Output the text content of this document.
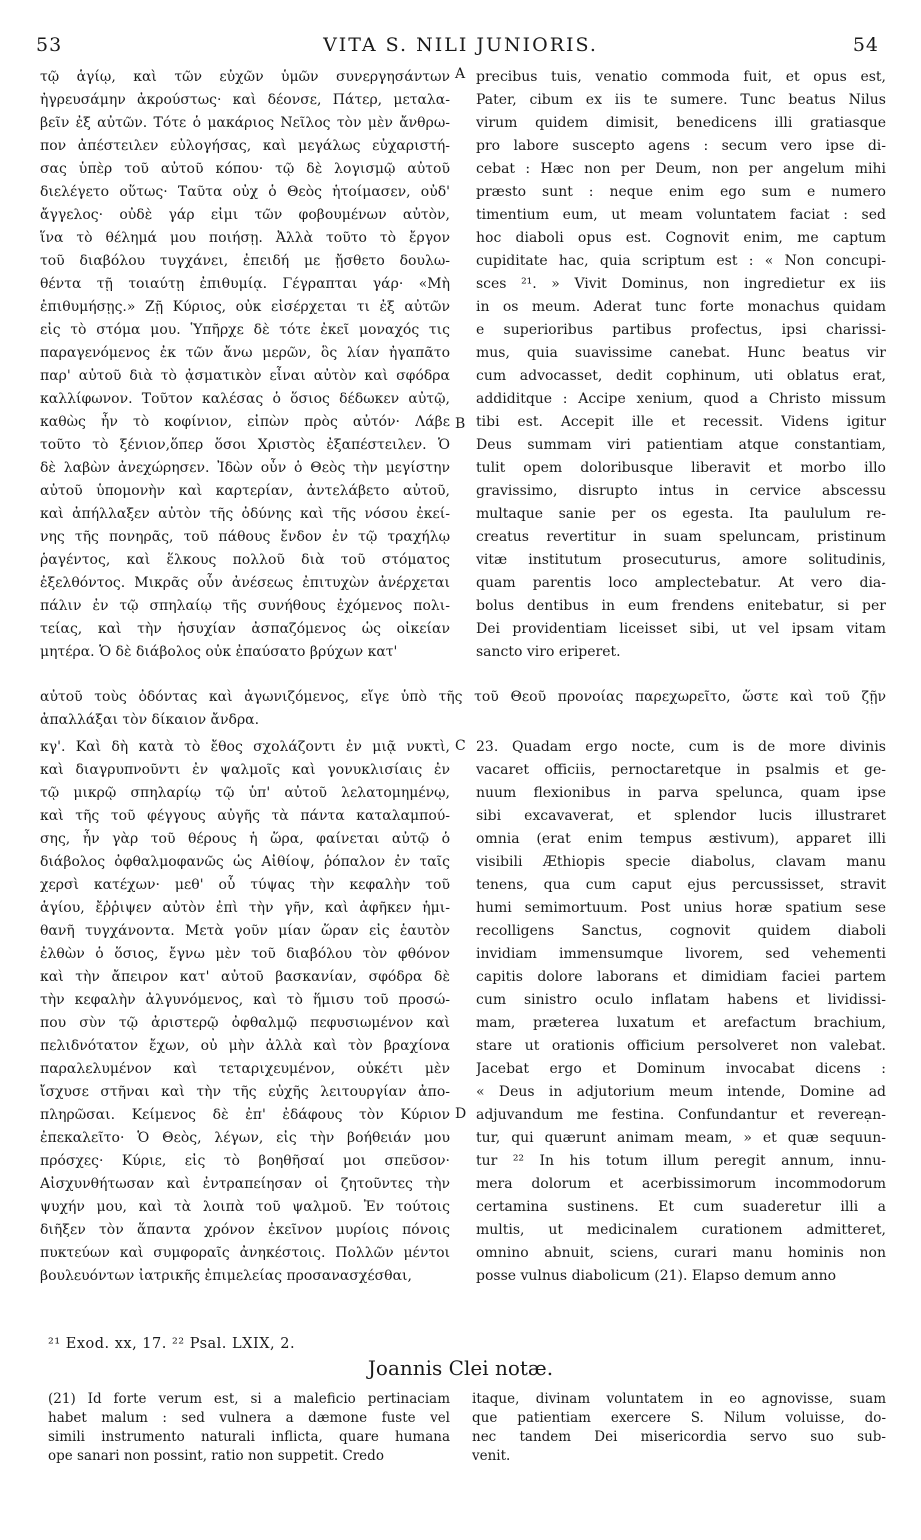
53	VITA S. NILI JUNIORIS.	54
τῷ ἁγίῳ, καὶ τῶν εὐχῶν ὑμῶν συνεργησάντων
ἠγρευσάμην ἀκρούστως· καὶ δέονσε, Πάτερ, μεταλα-
βεῖν ἐξ αὐτῶν. Τότε ὁ μακάριος Νεῖλος τὸν μὲν ἄνθρω-
πον ἀπέστειλεν εὐλογήσας, καὶ μεγάλως εὐχαριστή-
σας ὑπὲρ τοῦ αὐτοῦ κόπου· τῷ δὲ λογισμῷ αὐτοῦ
διελέγετο οὕτως· Ταῦτα οὐχ ὁ Θεὸς ἡτοίμασεν, οὐδ'
ἄγγελος· οὐδὲ γάρ εἰμι τῶν φοβουμένων αὐτὸν,
ἵνα τὸ θέλημά μου ποιήσῃ. Ἀλλὰ τοῦτο τὸ ἔργον
τοῦ διαβόλου τυγχάνει, ἐπειδή με ᾔσθετο δουλω-
θέντα τῇ τοιαύτῃ ἐπιθυμίᾳ. Γέγραπται γάρ· «Μὴ
ἐπιθυμήσῃς.» Ζῇ Κύριος, οὐκ εἰσέρχεται τι ἐξ αὐτῶν
εἰς τὸ στόμα μου. Ὑπῆρχε δὲ τότε ἐκεῖ μοναχός τις
παραγενόμενος ἐκ τῶν ἄνω μερῶν, ὃς λίαν ἠγαπᾶτο
παρ' αὐτοῦ διὰ τὸ ᾀσματικὸν εἶναι αὐτὸν καὶ σφόδρα
καλλίφωνον. Τοῦτον καλέσας ὁ ὅσιος δέδωκεν αὐτῷ,
καθὼς ἦν τὸ κοφίνιον, εἰπὼν πρὸς αὐτόν· Λάβε
τοῦτο τὸ ξένιον,ὅπερ ὅσοι Χριστὸς ἐξαπέστειλεν. Ὁ
δὲ λαβὼν ἀνεχώρησεν. Ἰδὼν οὖν ὁ Θεὸς τὴν μεγίστην
αὐτοῦ ὑπομονὴν καὶ καρτερίαν, ἀντελάβετο αὐτοῦ,
καὶ ἀπήλλαξεν αὐτὸν τῆς ὀδύνης καὶ τῆς νόσου ἐκεί-
νης τῆς πονηρᾶς, τοῦ πάθους ἔνδον ἐν τῷ τραχήλῳ
ῥαγέντος, καὶ ἕλκους πολλοῦ διὰ τοῦ στόματος
ἐξελθόντος. Μικρᾶς οὖν ἀνέσεως ἐπιτυχὼν ἀνέρχεται
πάλιν ἐν τῷ σπηλαίῳ τῆς συνήθους ἐχόμενος πολι-
τείας, καὶ τὴν ἡσυχίαν ἀσπαζόμενος ὡς οἰκείαν
μητέρα. Ὁ δὲ διάβολος οὐκ ἐπαύσατο βρύχων κατ'
precibus tuis, venatio commoda fuit, et opus est,
Pater, cibum ex iis te sumere. Tunc beatus Nilus
virum quidem dimisit, benedicens illi gratiasque
pro labore suscepto agens : secum vero ipse di-
cebat : Hæc non per Deum, non per angelum mihi
præsto sunt : neque enim ego sum e numero
timentium eum, ut meam voluntatem faciat : sed
hoc diaboli opus est. Cognovit enim, me captum
cupiditate hac, quia scriptum est : « Non concupi-
sces ²¹. » Vivit Dominus, non ingredietur ex iis
in os meum. Aderat tunc forte monachus quidam
e superioribus partibus profectus, ipsi charissi-
mus, quia suavissime canebat. Hunc beatus vir
cum advocasset, dedit cophinum, uti oblatus erat,
addiditque : Accipe xenium, quod a Christo missum
tibi est. Accepit ille et recessit. Videns igitur
Deus summam viri patientiam atque constantiam,
tulit opem doloribusque liberavit et morbo illo
gravissimo, disrupto intus in cervice abscessu
multaque sanie per os egesta. Ita paululum re-
creatus revertitur in suam speluncam, pristinum
vitæ institutum prosecuturus, amore solitudinis,
quam parentis loco amplectebatur. At vero dia-
bolus dentibus in eum frendens enitebatur, si per
Dei providentiam liceisset sibi, ut vel ipsam vitam
sancto viro eriperet.
A
B
C
D
αὐτοῦ τοὺς ὀδόντας καὶ ἀγωνιζόμενος, εἴγε ὑπὸ τῆς τοῦ Θεοῦ προνοίας παρεχωρεῖτο, ὥστε καὶ τοῦ ζῇν
ἀπαλλάξαι τὸν δίκαιον ἄνδρα.
κγ'. Καὶ δὴ κατὰ τὸ ἔθος σχολάζοντι ἐν μιᾷ νυκτὶ,
καὶ διαγρυπνοῦντι ἐν ψαλμοῖς καὶ γονυκλισίαις ἐν
τῷ μικρῷ σπηλαρίῳ τῷ ὑπ' αὐτοῦ λελατομημένῳ,
καὶ τῆς τοῦ φέγγους αὐγῆς τὰ πάντα καταλαμπού-
σης, ἦν γὰρ τοῦ θέρους ἡ ὥρα, φαίνεται αὐτῷ ὁ
διάβολος ὀφθαλμοφανῶς ὡς Αἰθίοψ, ῥόπαλον ἐν ταῖς
χερσὶ κατέχων· μεθ' οὗ τύψας τὴν κεφαλὴν τοῦ
ἁγίου, ἔῤῥιψεν αὐτὸν ἐπὶ τὴν γῆν, καὶ ἀφῆκεν ἡμι-
θανῆ τυγχάνοντα. Μετὰ γοῦν μίαν ὥραν εἰς ἑαυτὸν
ἐλθὼν ὁ ὅσιος, ἔγνω μὲν τοῦ διαβόλου τὸν φθόνον
καὶ τὴν ἄπειρον κατ' αὐτοῦ βασκανίαν, σφόδρα δὲ
τὴν κεφαλὴν ἀλγυνόμενος, καὶ τὸ ἥμισυ τοῦ προσώ-
που σὺν τῷ ἀριστερῷ ὀφθαλμῷ πεφυσιωμένον καὶ
πελιδνότατον ἔχων, οὐ μὴν ἀλλὰ καὶ τὸν βραχίονα
παραλελυμένον καὶ τεταριχευμένον, οὐκέτι μὲν
ἴσχυσε στῆναι καὶ τὴν τῆς εὐχῆς λειτουργίαν ἀπο-
πληρῶσαι. Κείμενος δὲ ἐπ' ἐδάφους τὸν Κύριον
ἐπεκαλεῖτο· Ὁ Θεὸς, λέγων, εἰς τὴν βοήθειάν μου
πρόσχες· Κύριε, εἰς τὸ βοηθῆσαί μοι σπεῦσον·
Αἰσχυνθήτωσαν καὶ ἐντραπείησαν οἱ ζητοῦντες τὴν
ψυχήν μου, καὶ τὰ λοιπὰ τοῦ ψαλμοῦ. Ἐν τούτοις
διῆξεν τὸν ἅπαντα χρόνον ἐκεῖνον μυρίοις πόνοις
πυκτεύων καὶ συμφοραῖς ἀνηκέστοις. Πολλῶν μέντοι
βουλευόντων ἰατρικῆς ἐπιμελείας προσανασχέσθαι,
23. Quadam ergo nocte, cum is de more divinis
vacaret officiis, pernoctaretque in psalmis et ge-
nuum flexionibus in parva spelunca, quam ipse
sibi excavaverat, et splendor lucis illustraret
omnia (erat enim tempus æstivum), apparet illi
visibili Æthiopis specie diabolus, clavam manu
tenens, qua cum caput ejus percussisset, stravit
humi semimortuum. Post unius horæ spatium sese
recolligens Sanctus, cognovit quidem diaboli
invidiam immensumque livorem, sed vehementi
capitis dolore laborans et dimidiam faciei partem
cum sinistro oculo inflatam habens et lividissi-
mam, præterea luxatum et arefactum brachium,
stare ut orationis officium persolveret non valebat.
Jacebat ergo et Dominum invocabat dicens :
« Deus in adjutorium meum intende, Domine ad
adjuvandum me festina. Confundantur et revereạn-
tur, qui quærunt animam meam, » et quæ sequun-
tur ²² In his totum illum peregit annum, innu-
mera dolorum et acerbissimorum incommodorum
certamina sustinens. Et cum suaderetur illi a
multis, ut medicinalem curationem admitteret,
omnino abnuit, sciens, curari manu hominis non
posse vulnus diabolicum (21). Elapso demum anno
²¹ Exod. xx, 17. ²² Psal. LXIX, 2.
Joannis Clei notæ.
(21) Id forte verum est, si a maleficio pertinaciam
habet malum : sed vulnera a dæmone fuste vel
simili instrumento naturali inflicta, quare humana
ope sanari non possint, ratio non suppetit. Credo
itaque, divinam voluntatem in eo agnovisse, suam
que patientiam exercere S. Nilum voluisse, do-
nec tandem Dei misericordia servo suo sub-
venit.
